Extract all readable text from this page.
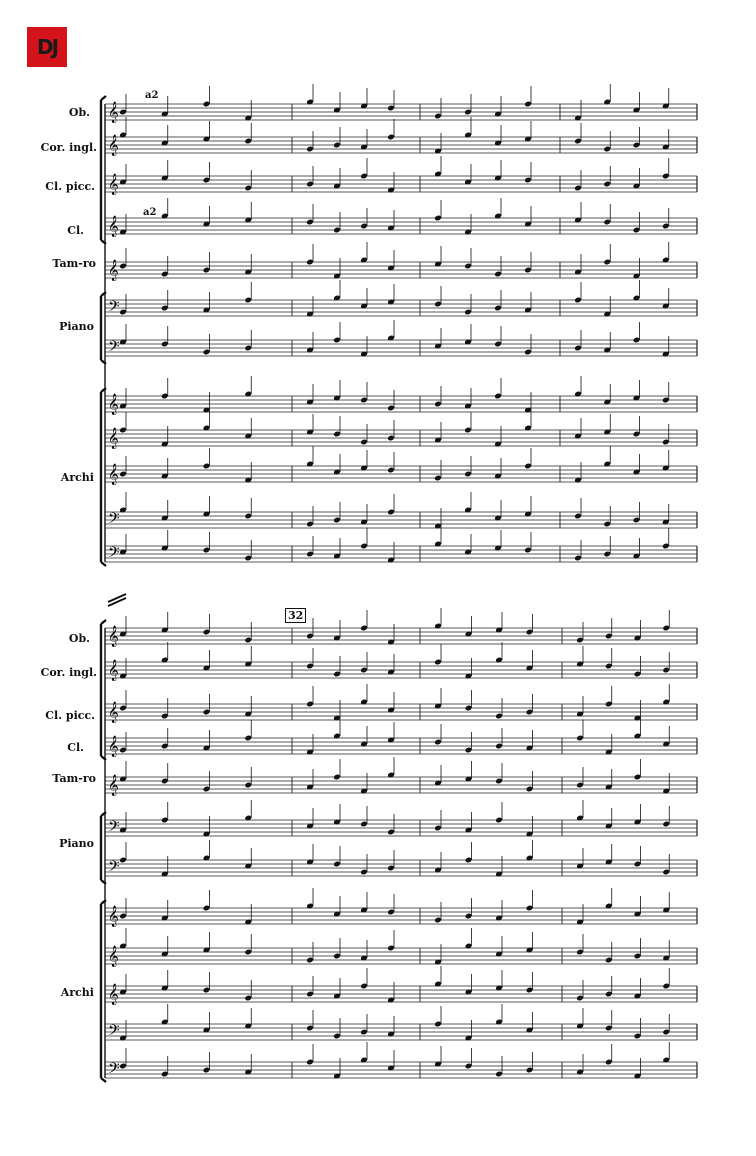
DJ
Ob.
Cor. ingl.
Cl. picc.
Cl.
Tam-ro
Piano
Archi
a2
a2
Ob.
Cor. ingl.
Cl. picc.
Cl.
Tam-ro
Piano
Archi
32
𝄞
𝄞
𝄞
𝄞
𝄞
𝄢
𝄢
𝄞
𝄞
𝄞
𝄢
𝄢
𝄞
𝄞
𝄞
𝄞
𝄞
𝄢
𝄢
𝄞
𝄞
𝄞
𝄢
𝄢
